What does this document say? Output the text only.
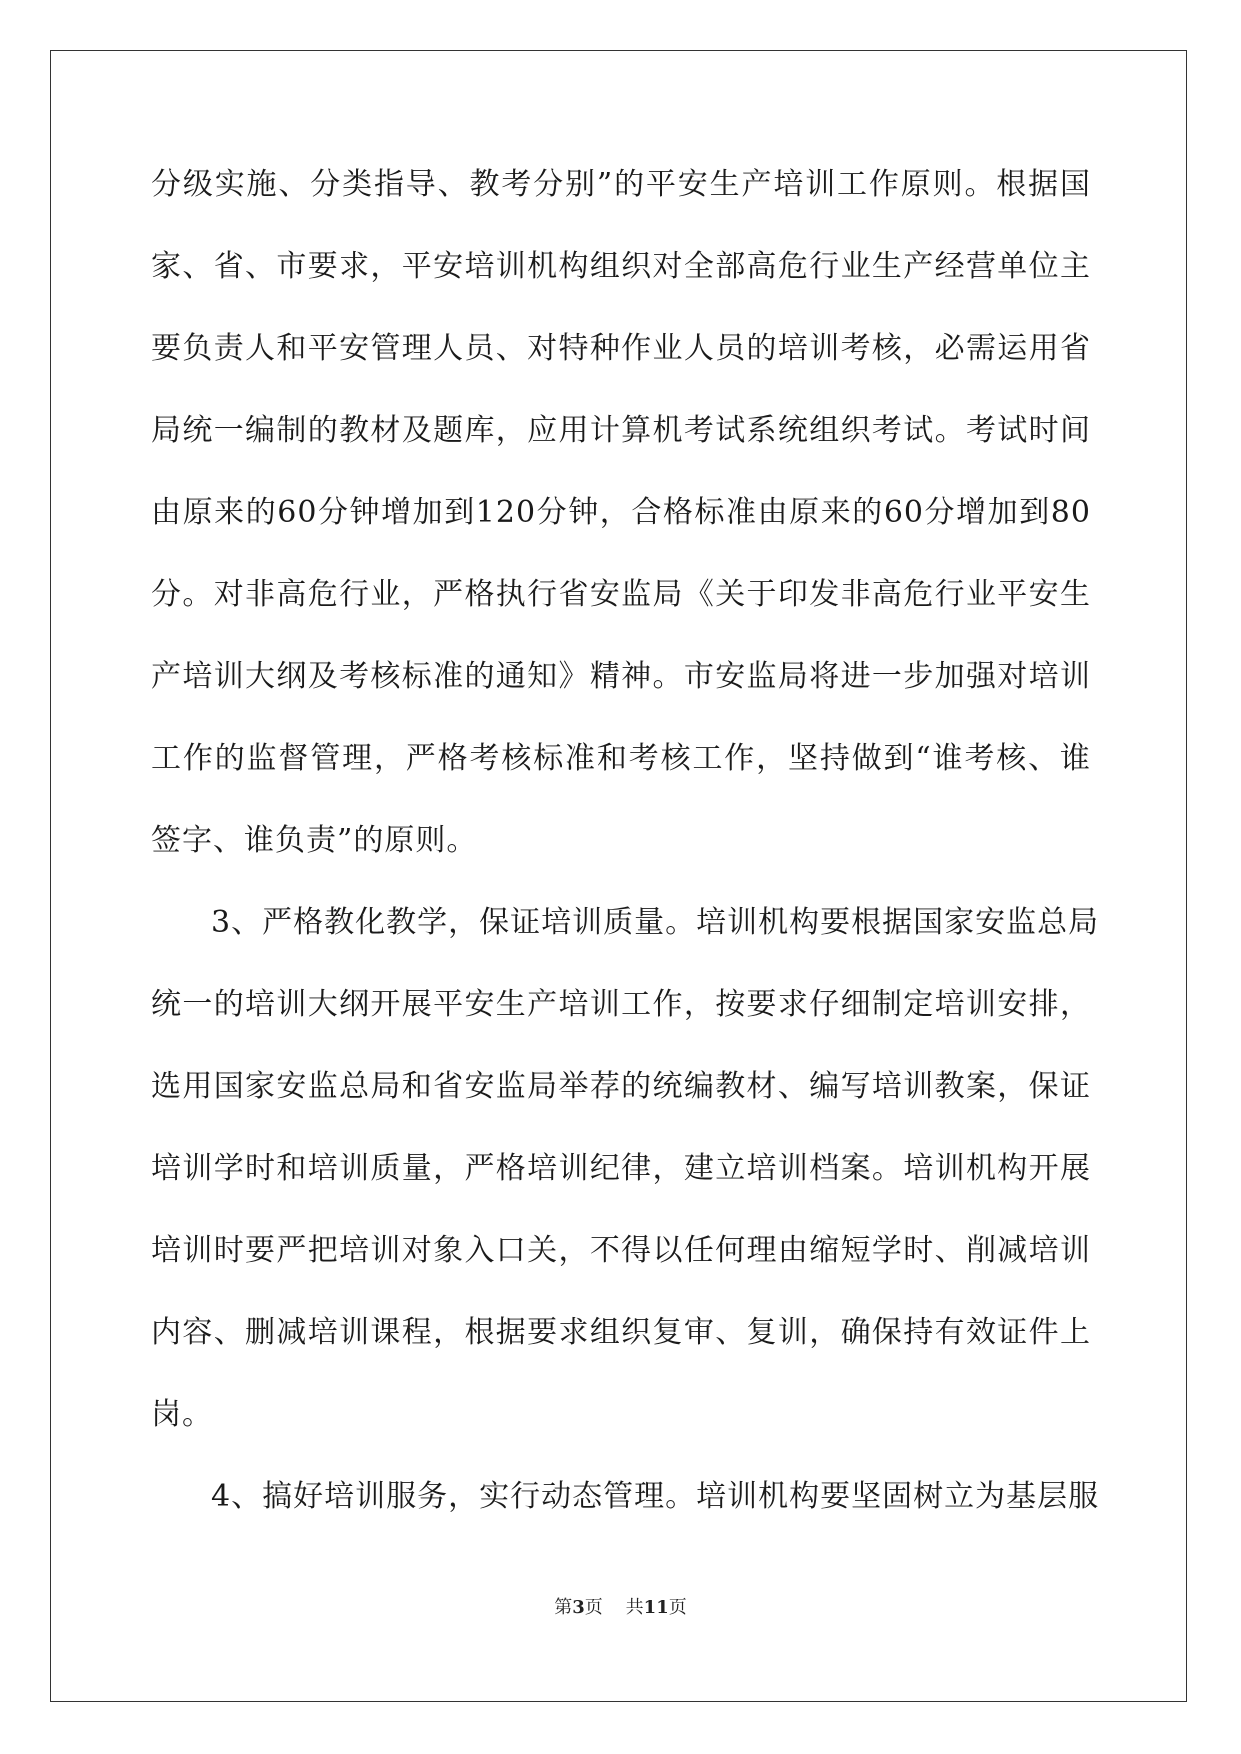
分级实施、分类指导、教考分别”的平安生产培训工作原则。根据国
家、省、市要求，平安培训机构组织对全部高危行业生产经营单位主
要负责人和平安管理人员、对特种作业人员的培训考核，必需运用省
局统一编制的教材及题库，应用计算机考试系统组织考试。考试时间
由原来的60分钟增加到120分钟，合格标准由原来的60分增加到80
分。对非高危行业，严格执行省安监局《关于印发非高危行业平安生
产培训大纲及考核标准的通知》精神。市安监局将进一步加强对培训
工作的监督管理，严格考核标准和考核工作，坚持做到“谁考核、谁
签字、谁负责”的原则。
3、严格教化教学，保证培训质量。培训机构要根据国家安监总局
统一的培训大纲开展平安生产培训工作，按要求仔细制定培训安排，
选用国家安监总局和省安监局举荐的统编教材、编写培训教案，保证
培训学时和培训质量，严格培训纪律，建立培训档案。培训机构开展
培训时要严把培训对象入口关，不得以任何理由缩短学时、削减培训
内容、删减培训课程，根据要求组织复审、复训，确保持有效证件上
岗。
4、搞好培训服务，实行动态管理。培训机构要坚固树立为基层服
第3页 共11页
